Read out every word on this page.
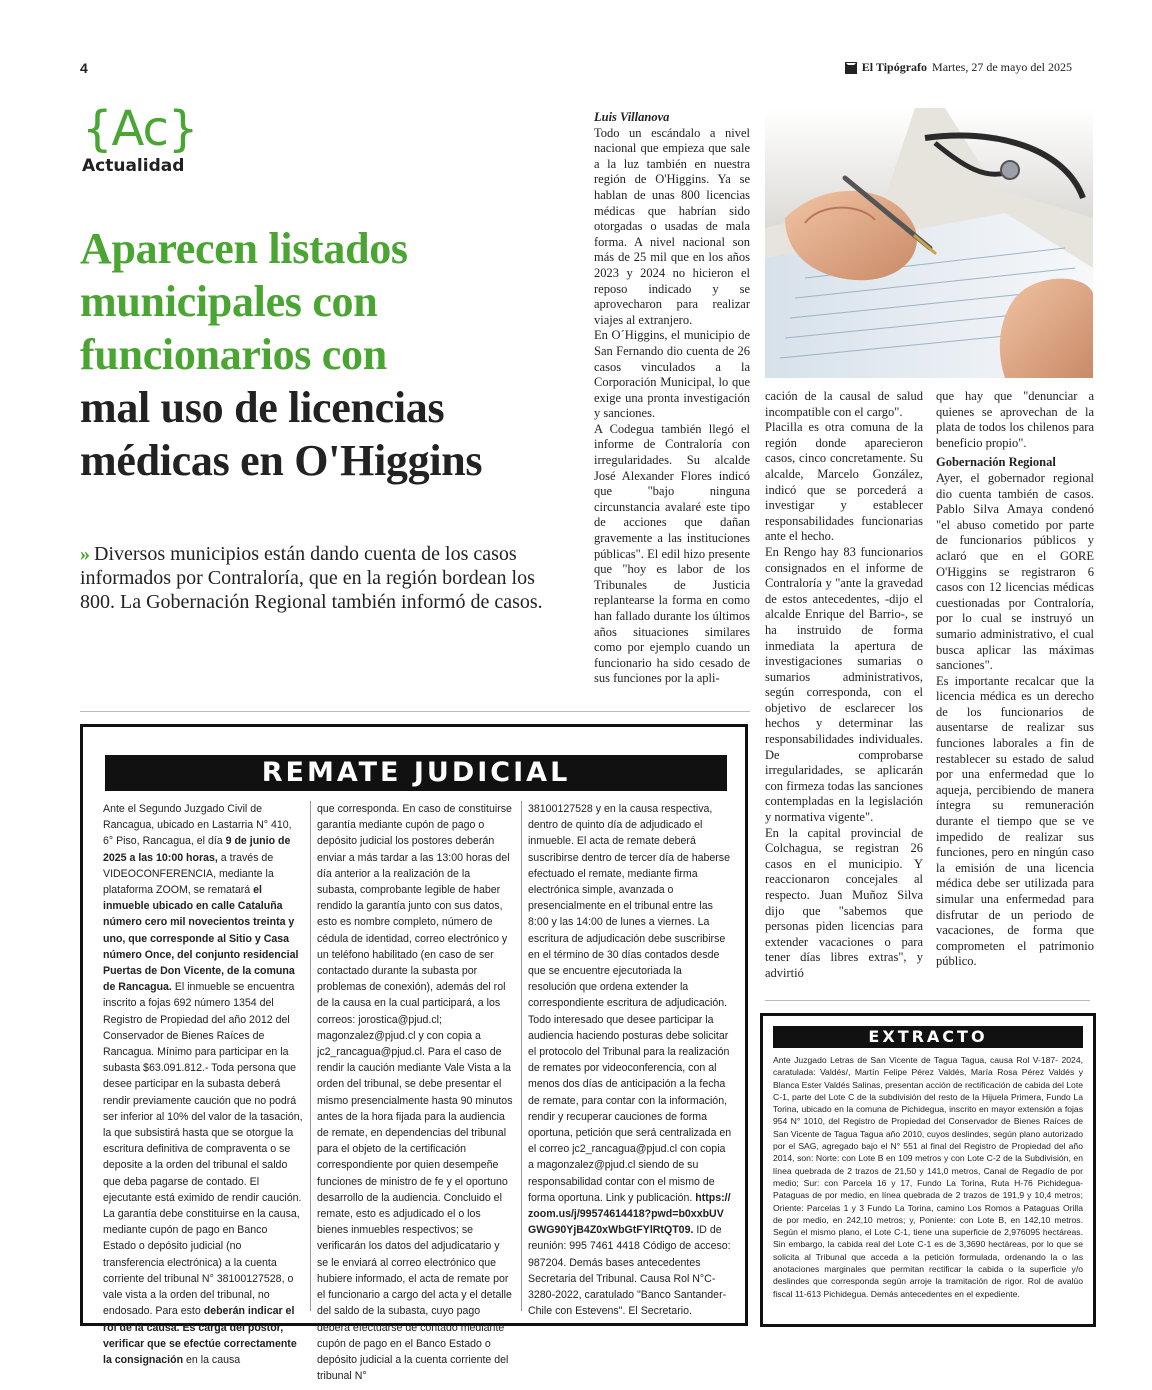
4	El Tipógrafo Martes, 27 de mayo del 2025
{Ac}
Actualidad
Aparecen listados
municipales con
funcionarios con
mal uso de licencias
médicas en O'Higgins

» Diversos municipios están dando cuenta de los casos informados por Contraloría, que en la región bordean los 800. La Gobernación Regional también informó de casos.

Luis Villanova

Todo un escándalo a nivel nacional que empieza que sale a la luz también en nuestra región de O'Higgins. Ya se hablan de unas 800 licencias médicas que habrían sido otorgadas o usadas de mala forma. A nivel nacional son más de 25 mil que en los años 2023 y 2024 no hicieron el reposo indicado y se aprovecharon para realizar viajes al extranjero.

En O´Higgins, el municipio de San Fernando dio cuenta de 26 casos vinculados a la Corporación Municipal, lo que exige una pronta investigación y sanciones.

A Codegua también llegó el informe de Contraloría con irregularidades. Su alcalde José Alexander Flores indicó que "bajo ninguna circunstancia avalaré este tipo de acciones que dañan gravemente a las instituciones públicas". El edil hizo presente que "hoy es labor de los Tribunales de Justicia replantearse la forma en como han fallado durante los últimos años situaciones similares como por ejemplo cuando un funcionario ha sido cesado de sus funciones por la apli-

cación de la causal de salud incompatible con el cargo".

Placilla es otra comuna de la región donde aparecieron casos, cinco concretamente. Su alcalde, Marcelo González, indicó que se porcederá a investigar y establecer responsabilidades funcionarias ante el hecho.

En Rengo hay 83 funcionarios consignados en el informe de Contraloría y "ante la gravedad de estos antecedentes, -dijo el alcalde Enrique del Barrio-, se ha instruido de forma inmediata la apertura de investigaciones sumarias o sumarios administrativos, según corresponda, con el objetivo de esclarecer los hechos y determinar las responsabilidades individuales. De comprobarse irregularidades, se aplicarán con firmeza todas las sanciones contempladas en la legislación y normativa vigente".

En la capital provincial de Colchagua, se registran 26 casos en el municipio. Y reaccionaron concejales al respecto. Juan Muñoz Silva dijo que "sabemos que personas piden licencias para extender vacaciones o para tener días libres extras", y advirtió

que hay que "denunciar a quienes se aprovechan de la plata de todos los chilenos para beneficio propio".

Gobernación Regional

Ayer, el gobernador regional dio cuenta también de casos. Pablo Silva Amaya condenó "el abuso cometido por parte de funcionarios públicos y aclaró que en el GORE O'Higgins se registraron 6 casos con 12 licencias médicas cuestionadas por Contraloría, por lo cual se instruyó un sumario administrativo, el cual busca aplicar las máximas sanciones".

Es importante recalcar que la licencia médica es un derecho de los funcionarios de ausentarse de realizar sus funciones laborales a fin de restablecer su estado de salud por una enfermedad que lo aqueja, percibiendo de manera íntegra su remuneración durante el tiempo que se ve impedido de realizar sus funciones, pero en ningún caso la emisión de una licencia médica debe ser utilizada para simular una enfermedad para disfrutar de un periodo de vacaciones, de forma que comprometen el patrimonio público.

REMATE JUDICIAL
Ante el Segundo Juzgado Civil de Rancagua, ubicado en Lastarria N° 410, 6° Piso, Rancagua, el día 9 de junio de 2025 a las 10:00 horas, a través de VIDEOCONFERENCIA, mediante la plataforma ZOOM, se rematará el inmueble ubicado en calle Cataluña número cero mil novecientos treinta y uno, que corresponde al Sitio y Casa número Once, del conjunto residencial Puertas de Don Vicente, de la comuna de Rancagua. El inmueble se encuentra inscrito a fojas 692 número 1354 del Registro de Propiedad del año 2012 del Conservador de Bienes Raíces de Rancagua. Mínimo para participar en la subasta $63.091.812.- Toda persona que desee participar en la subasta deberá rendir previamente caución que no podrá ser inferior al 10% del valor de la tasación, la que subsistirá hasta que se otorgue la escritura definitiva de compraventa o se deposite a la orden del tribunal el saldo que deba pagarse de contado. El ejecutante está eximido de rendir caución. La garantía debe constituirse en la causa, mediante cupón de pago en Banco Estado o depósito judicial (no transferencia electrónica) a la cuenta corriente del tribunal N° 38100127528, o vale vista a la orden del tribunal, no endosado. Para esto deberán indicar el rol de la causa. Es carga del postor, verificar que se efectúe correctamente la consignación en la causa
que corresponda. En caso de constituirse garantía mediante cupón de pago o depósito judicial los postores deberán enviar a más tardar a las 13:00 horas del día anterior a la realización de la subasta, comprobante legible de haber rendido la garantía junto con sus datos, esto es nombre completo, número de cédula de identidad, correo electrónico y un teléfono habilitado (en caso de ser contactado durante la subasta por problemas de conexión), además del rol de la causa en la cual participará, a los correos: jorostica@pjud.cl; magonzalez@pjud.cl y con copia a jc2_rancagua@pjud.cl. Para el caso de rendir la caución mediante Vale Vista a la orden del tribunal, se debe presentar el mismo presencialmente hasta 90 minutos antes de la hora fijada para la audiencia de remate, en dependencias del tribunal para el objeto de la certificación correspondiente por quien desempeñe funciones de ministro de fe y el oportuno desarrollo de la audiencia. Concluido el remate, esto es adjudicado el o los bienes inmuebles respectivos; se verificarán los datos del adjudicatario y se le enviará al correo electrónico que hubiere informado, el acta de remate por el funcionario a cargo del acta y el detalle del saldo de la subasta, cuyo pago deberá efectuarse de contado mediante cupón de pago en el Banco Estado o depósito judicial a la cuenta corriente del tribunal N°
38100127528 y en la causa respectiva, dentro de quinto día de adjudicado el inmueble. El acta de remate deberá suscribirse dentro de tercer día de haberse efectuado el remate, mediante firma electrónica simple, avanzada o presencialmente en el tribunal entre las 8:00 y las 14:00 de lunes a viernes. La escritura de adjudicación debe suscribirse en el término de 30 días contados desde que se encuentre ejecutoriada la resolución que ordena extender la correspondiente escritura de adjudicación. Todo interesado que desee participar la audiencia haciendo posturas debe solicitar el protocolo del Tribunal para la realización de remates por videoconferencia, con al menos dos días de anticipación a la fecha de remate, para contar con la información, rendir y recuperar cauciones de forma oportuna, petición que será centralizada en el correo jc2_rancagua@pjud.cl con copia a magonzalez@pjud.cl siendo de su responsabilidad contar con el mismo de forma oportuna. Link y publicación. https://zoom.us/j/99574614418?pwd=b0xxbUVGWG90YjB4Z0xWbGtFYlRtQT09. ID de reunión: 995 7461 4418 Código de acceso: 987204. Demás bases antecedentes Secretaria del Tribunal. Causa Rol N°C-3280-2022, caratulado "Banco Santander-Chile con Estevens". El Secretario.
EXTRACTO
Ante Juzgado Letras de San Vicente de Tagua Tagua, causa Rol V-187- 2024, caratulada: Valdés/, Martín Felipe Pérez Valdés, María Rosa Pérez Valdés y Blanca Ester Valdés Salinas, presentan acción de rectificación de cabida del Lote C-1, parte del Lote C de la subdivisión del resto de la Hijuela Primera, Fundo La Torina, ubicado en la comuna de Pichidegua, inscrito en mayor extensión a fojas 954 N° 1010, del Registro de Propiedad del Conservador de Bienes Raíces de San Vicente de Tagua Tagua año 2010, cuyos deslindes, según plano autorizado por el SAG, agregado bajo el N° 551 al final del Registro de Propiedad del año 2014, son: Norte: con Lote B en 109 metros y con Lote C-2 de la Subdivisión, en línea quebrada de 2 trazos de 21,50 y 141,0 metros, Canal de Regadío de por medio; Sur: con Parcela 16 y 17, Fundo La Torina, Ruta H-76 Pichidegua-Pataguas de por medio, en línea quebrada de 2 trazos de 191,9 y 10,4 metros; Oriente: Parcelas 1 y 3 Fundo La Torina, camino Los Romos a Pataguas Orilla de por medio, en 242,10 metros; y, Poniente: con Lote B, en 142,10 metros. Según el mismo plano, el Lote C-1, tiene una superficie de 2,976095 hectáreas. Sin embargo, la cabida real del Lote C-1 es de 3,3690 hectáreas, por lo que se solicita al Tribunal que acceda a la petición formulada, ordenando la o las anotaciones marginales que permitan rectificar la cabida o la superficie y/o deslindes que corresponda según arroje la tramitación de rigor. Rol de avalúo fiscal 11-613 Pichidegua. Demás antecedentes en el expediente.
